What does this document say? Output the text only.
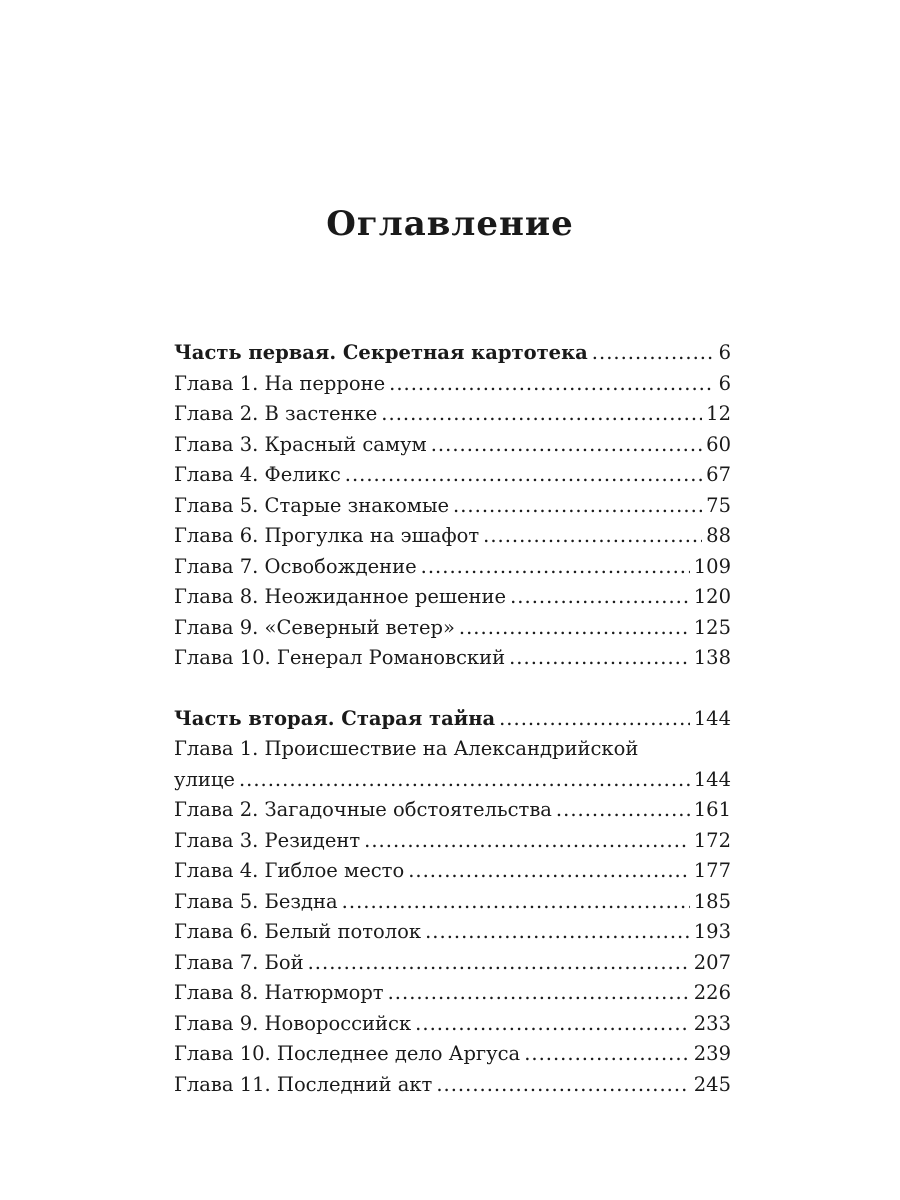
Оглавление
Часть первая. Секретная картотека .....	6
Глава 1. На перроне .....	6
Глава 2. В застенке .....	12
Глава 3. Красный самум .....	60
Глава 4. Феликс .....	67
Глава 5. Старые знакомые .....	75
Глава 6. Прогулка на эшафот .....	88
Глава 7. Освобождение .....	109
Глава 8. Неожиданное решение .....	120
Глава 9. «Северный ветер» .....	125
Глава 10. Генерал Романовский .....	138
Часть вторая. Старая тайна .....	144
Глава 1. Происшествие на Александрийской
улице .....	144
Глава 2. Загадочные обстоятельства .....	161
Глава 3. Резидент .....	172
Глава 4. Гиблое место .....	177
Глава 5. Бездна .....	185
Глава 6. Белый потолок .....	193
Глава 7. Бой .....	207
Глава 8. Натюрморт .....	226
Глава 9. Новороссийск .....	233
Глава 10. Последнее дело Аргуса .....	239
Глава 11. Последний акт .....	245
